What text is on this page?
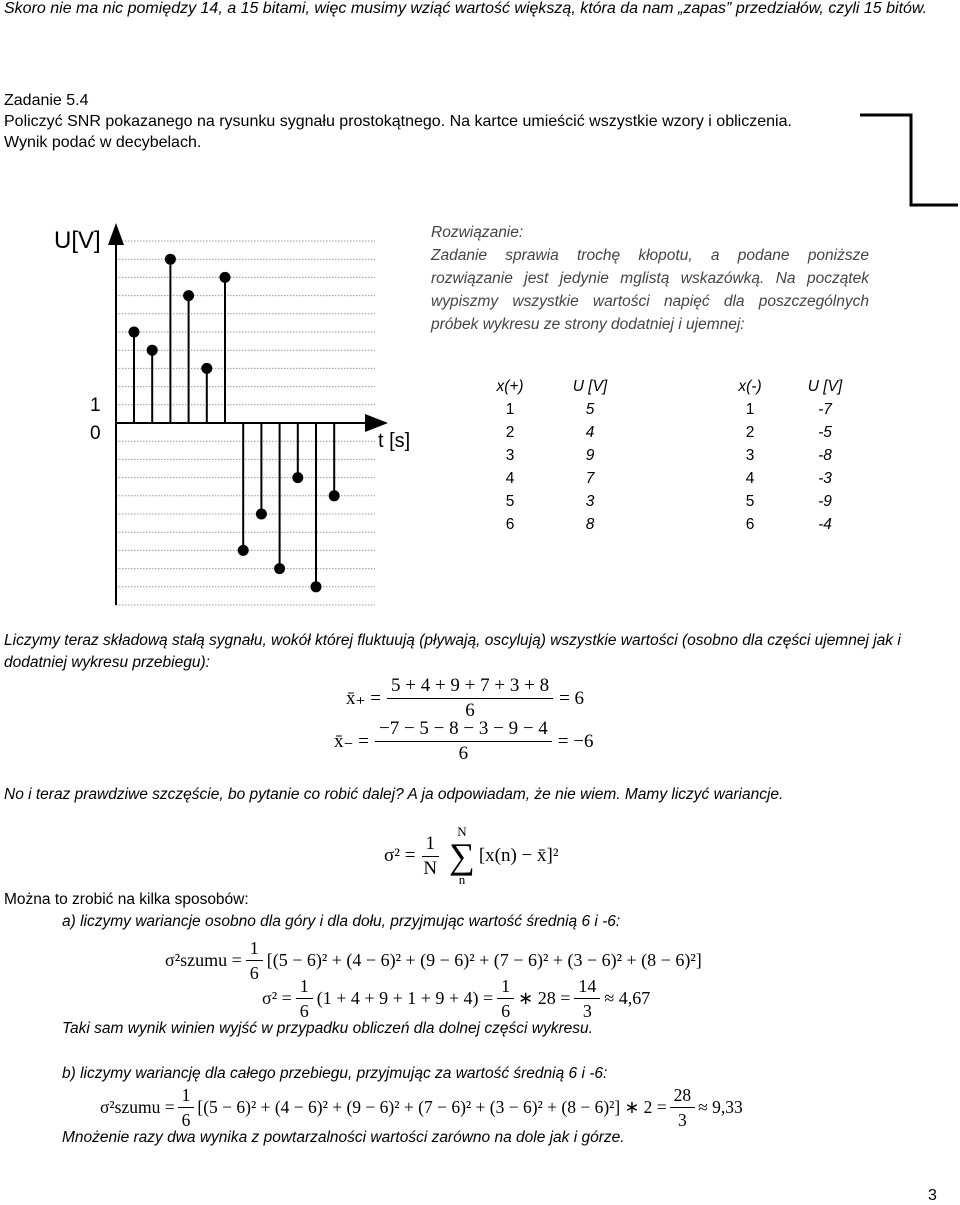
Skoro nie ma nic pomiędzy 14, a 15 bitami, więc musimy wziąć wartość większą, która da nam „zapas” przedziałów, czyli 15 bitów.
Zadanie 5.4
Policzyć SNR pokazanego na rysunku sygnału prostokątnego. Na kartce umieścić wszystkie wzory i obliczenia.
Wynik podać w decybelach.
U[V]
t [s]
1
0
Rozwiązanie:
Zadanie sprawia trochę kłopotu, a podane poniższe rozwiązanie jest jedynie mglistą wskazówką. Na początek wypiszmy wszystkie wartości napięć dla poszczególnych próbek wykresu ze strony dodatniej i ujemnej:
x(+)	U [V]	x(-)	U [V]
1	5	1	-7
2	4	2	-5
3	9	3	-8
4	7	4	-3
5	3	5	-9
6	8	6	-4
Liczymy teraz składową stałą sygnału, wokół której fluktuują (pływają, oscylują) wszystkie wartości (osobno dla części ujemnej jak i dodatniej wykresu przebiegu):
x̄₊ = $\frac{5 + 4 + 9 + 7 + 3 + 8}{6} = 6$
x̄₋ = $\frac{-7 - 5 - 8 - 3 - 9 - 4}{6} = -6$
No i teraz prawdziwe szczęście, bo pytanie co robić dalej? A ja odpowiadam, że nie wiem. Mamy liczyć wariancje.
$\sigma^2 = \frac{1}{N}$ N
∑
n
[x(n) − x̄]²
Można to zrobić na kilka sposobów:
a) liczymy wariancje osobno dla góry i dla dołu, przyjmując wartość średnią 6 i -6:
σ²szumu = $\frac{1}{6} [(5 - 6)^2 + (4 - 6)^2 + (9 - 6)^2 + (7 - 6)^2 + (3 - 6)^2 + (8 - 6)^2]$
$\sigma^2 = \frac{1}{6} (1 + 4 + 9 + 1 + 9 + 4) = \frac{1}{6}$ ∗ $28 = \frac{14}{3} \approx 4,67$
Taki sam wynik winien wyjść w przypadku obliczeń dla dolnej części wykresu.
b) liczymy wariancję dla całego przebiegu, przyjmując za wartość średnią 6 i -6:
σ²szumu = $\frac{1}{6} [(5 - 6)^2 + (4 - 6)^2 + (9 - 6)^2 + (7 - 6)^2 + (3 - 6)^2 + (8 - 6)^2]$ ∗ $2 = \frac{28}{3} \approx 9,33$
Mnożenie razy dwa wynika z powtarzalności wartości zarówno na dole jak i górze.
3
